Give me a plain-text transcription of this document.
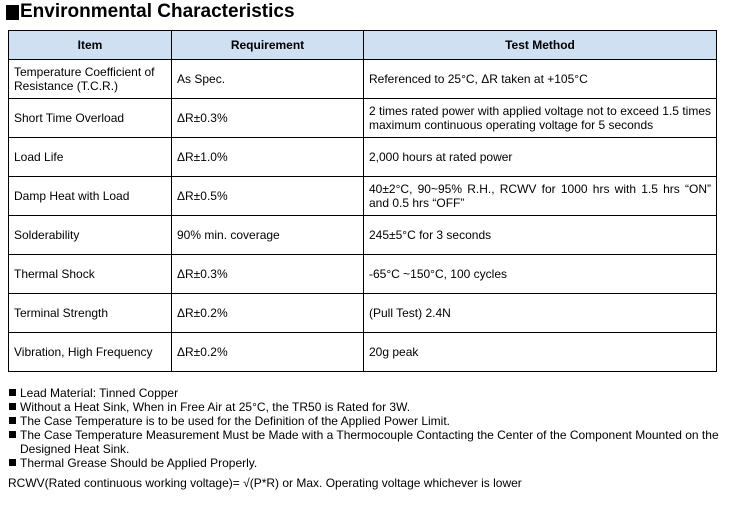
Environmental Characteristics
Item	Requirement	Test Method
Temperature Coefficient of Resistance (T.C.R.)	As Spec.	Referenced to 25°C, ΔR taken at +105°C
Short Time Overload	ΔR±0.3%	2 times rated power with applied voltage not to exceed 1.5 times maximum continuous operating voltage for 5 seconds
Load Life	ΔR±1.0%	2,000 hours at rated power
Damp Heat with Load	ΔR±0.5%	40±2°C, 90~95% R.H., RCWV for 1000 hrs with 1.5 hrs “ON” and 0.5 hrs “OFF”
Solderability	90% min. coverage	245±5°C for 3 seconds
Thermal Shock	ΔR±0.3%	-65°C ~150°C, 100 cycles
Terminal Strength	ΔR±0.2%	(Pull Test) 2.4N
Vibration, High Frequency	ΔR±0.2%	20g peak
Lead Material: Tinned Copper
Without a Heat Sink, When in Free Air at 25°C, the TR50 is Rated for 3W.
The Case Temperature is to be used for the Definition of the Applied Power Limit.
The Case Temperature Measurement Must be Made with a Thermocouple Contacting the Center of the Component Mounted on the Designed Heat Sink.
Thermal Grease Should be Applied Properly.
RCWV(Rated continuous working voltage)= √(P*R) or Max. Operating voltage whichever is lower
